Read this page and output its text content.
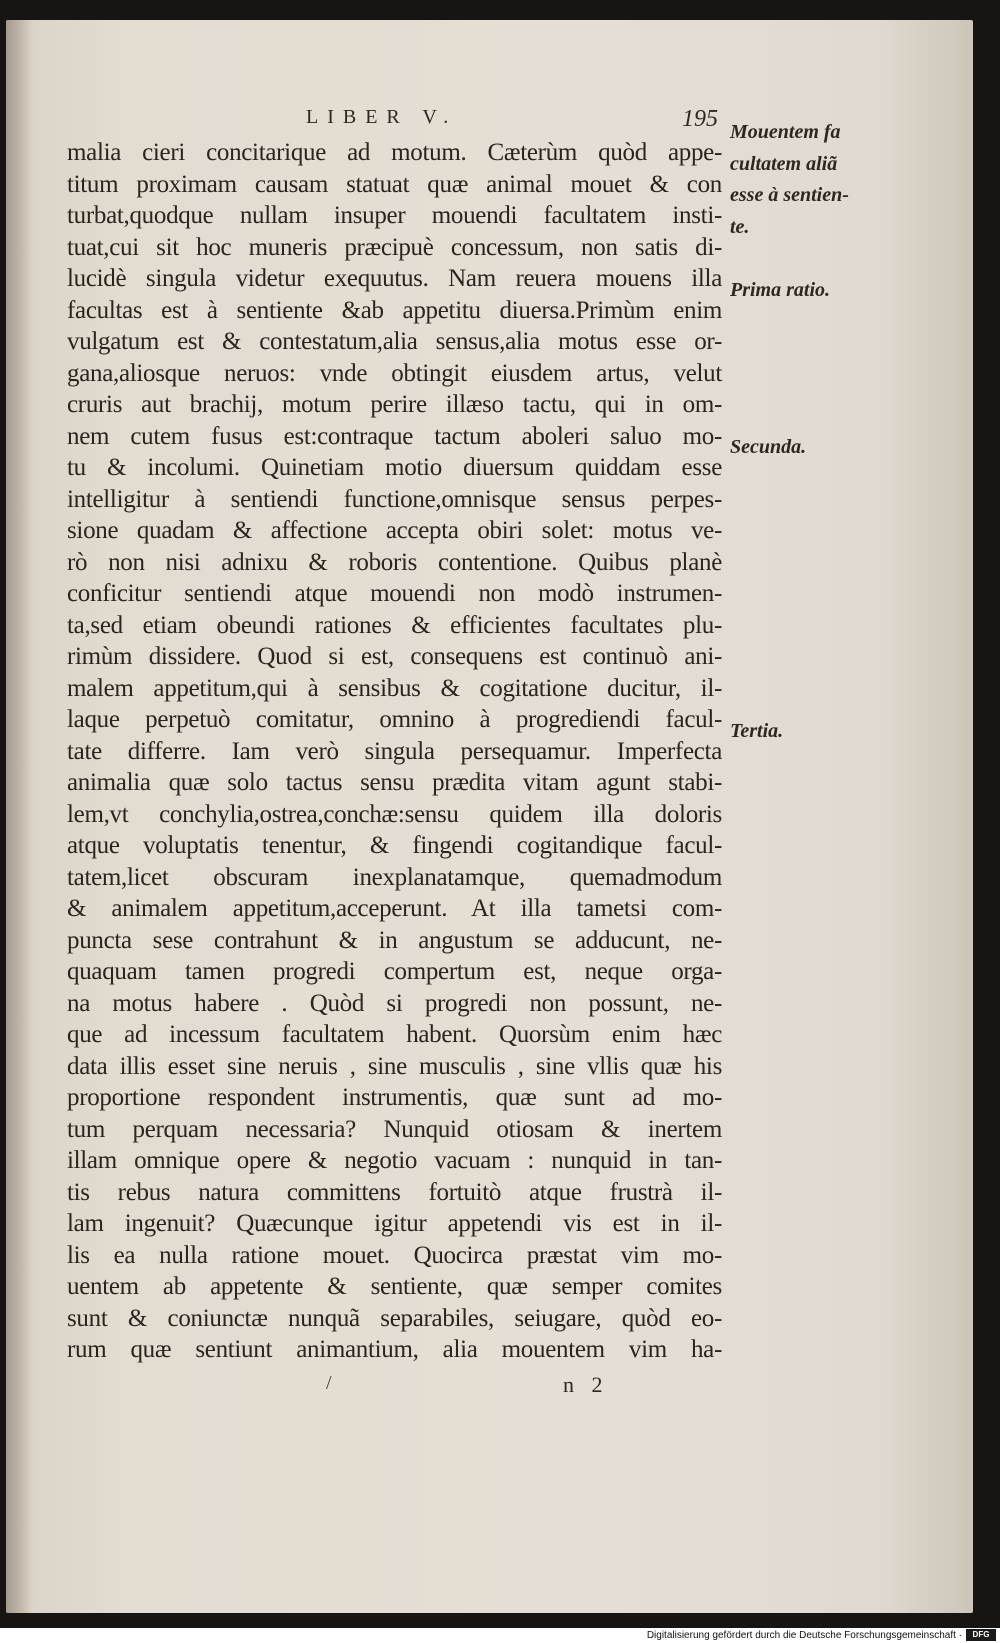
LIBER V.	195
malia cieri concitarique ad motum. Cæterùm quòd appe-
titum proximam causam statuat quæ animal mouet & con
turbat,quodque nullam insuper mouendi facultatem insti-
tuat,cui sit hoc muneris præcipuè concessum, non satis di-
lucidè singula videtur exequutus. Nam reuera mouens illa
facultas est à sentiente &ab appetitu diuersa.Primùm enim
vulgatum est & contestatum,alia sensus,alia motus esse or-
gana,aliosque neruos: vnde obtingit eiusdem artus, velut
cruris aut brachij, motum perire illæso tactu, qui in om-
nem cutem fusus est:contraque tactum aboleri saluo mo-
tu & incolumi. Quinetiam motio diuersum quiddam esse
intelligitur à sentiendi functione,omnisque sensus perpes-
sione quadam & affectione accepta obiri solet: motus ve-
rò non nisi adnixu & roboris contentione. Quibus planè
conficitur sentiendi atque mouendi non modò instrumen-
ta,sed etiam obeundi rationes & efficientes facultates plu-
rimùm dissidere. Quod si est, consequens est continuò ani-
malem appetitum,qui à sensibus & cogitatione ducitur, il-
laque perpetuò comitatur, omnino à progrediendi facul-
tate differre. Iam verò singula persequamur. Imperfecta
animalia quæ solo tactus sensu prædita vitam agunt stabi-
lem,vt conchylia,ostrea,conchæ:sensu quidem illa doloris
atque voluptatis tenentur, & fingendi cogitandique facul-
tatem,licet obscuram inexplanatamque, quemadmodum
& animalem appetitum,acceperunt. At illa tametsi com-
puncta sese contrahunt & in angustum se adducunt, ne-
quaquam tamen progredi compertum est, neque orga-
na motus habere . Quòd si progredi non possunt, ne-
que ad incessum facultatem habent. Quorsùm enim hæc
data illis esset sine neruis , sine musculis , sine vllis quæ his
proportione respondent instrumentis, quæ sunt ad mo-
tum perquam necessaria? Nunquid otiosam & inertem
illam omnique opere & negotio vacuam : nunquid in tan-
tis rebus natura committens fortuitò atque frustrà il-
lam ingenuit? Quæcunque igitur appetendi vis est in il-
lis ea nulla ratione mouet. Quocirca præstat vim mo-
uentem ab appetente & sentiente, quæ semper comites
sunt & coniunctæ nunquã separabiles, seiugare, quòd eo-
rum quæ sentiunt animantium, alia mouentem vim ha-
Mouentem fa
cultatem aliã
esse à sentien-
te.
Prima ratio.
Secunda.
Tertia.
/	n 2
Digitalisierung gefördert durch die Deutsche Forschungsgemeinschaft ·	DFG
